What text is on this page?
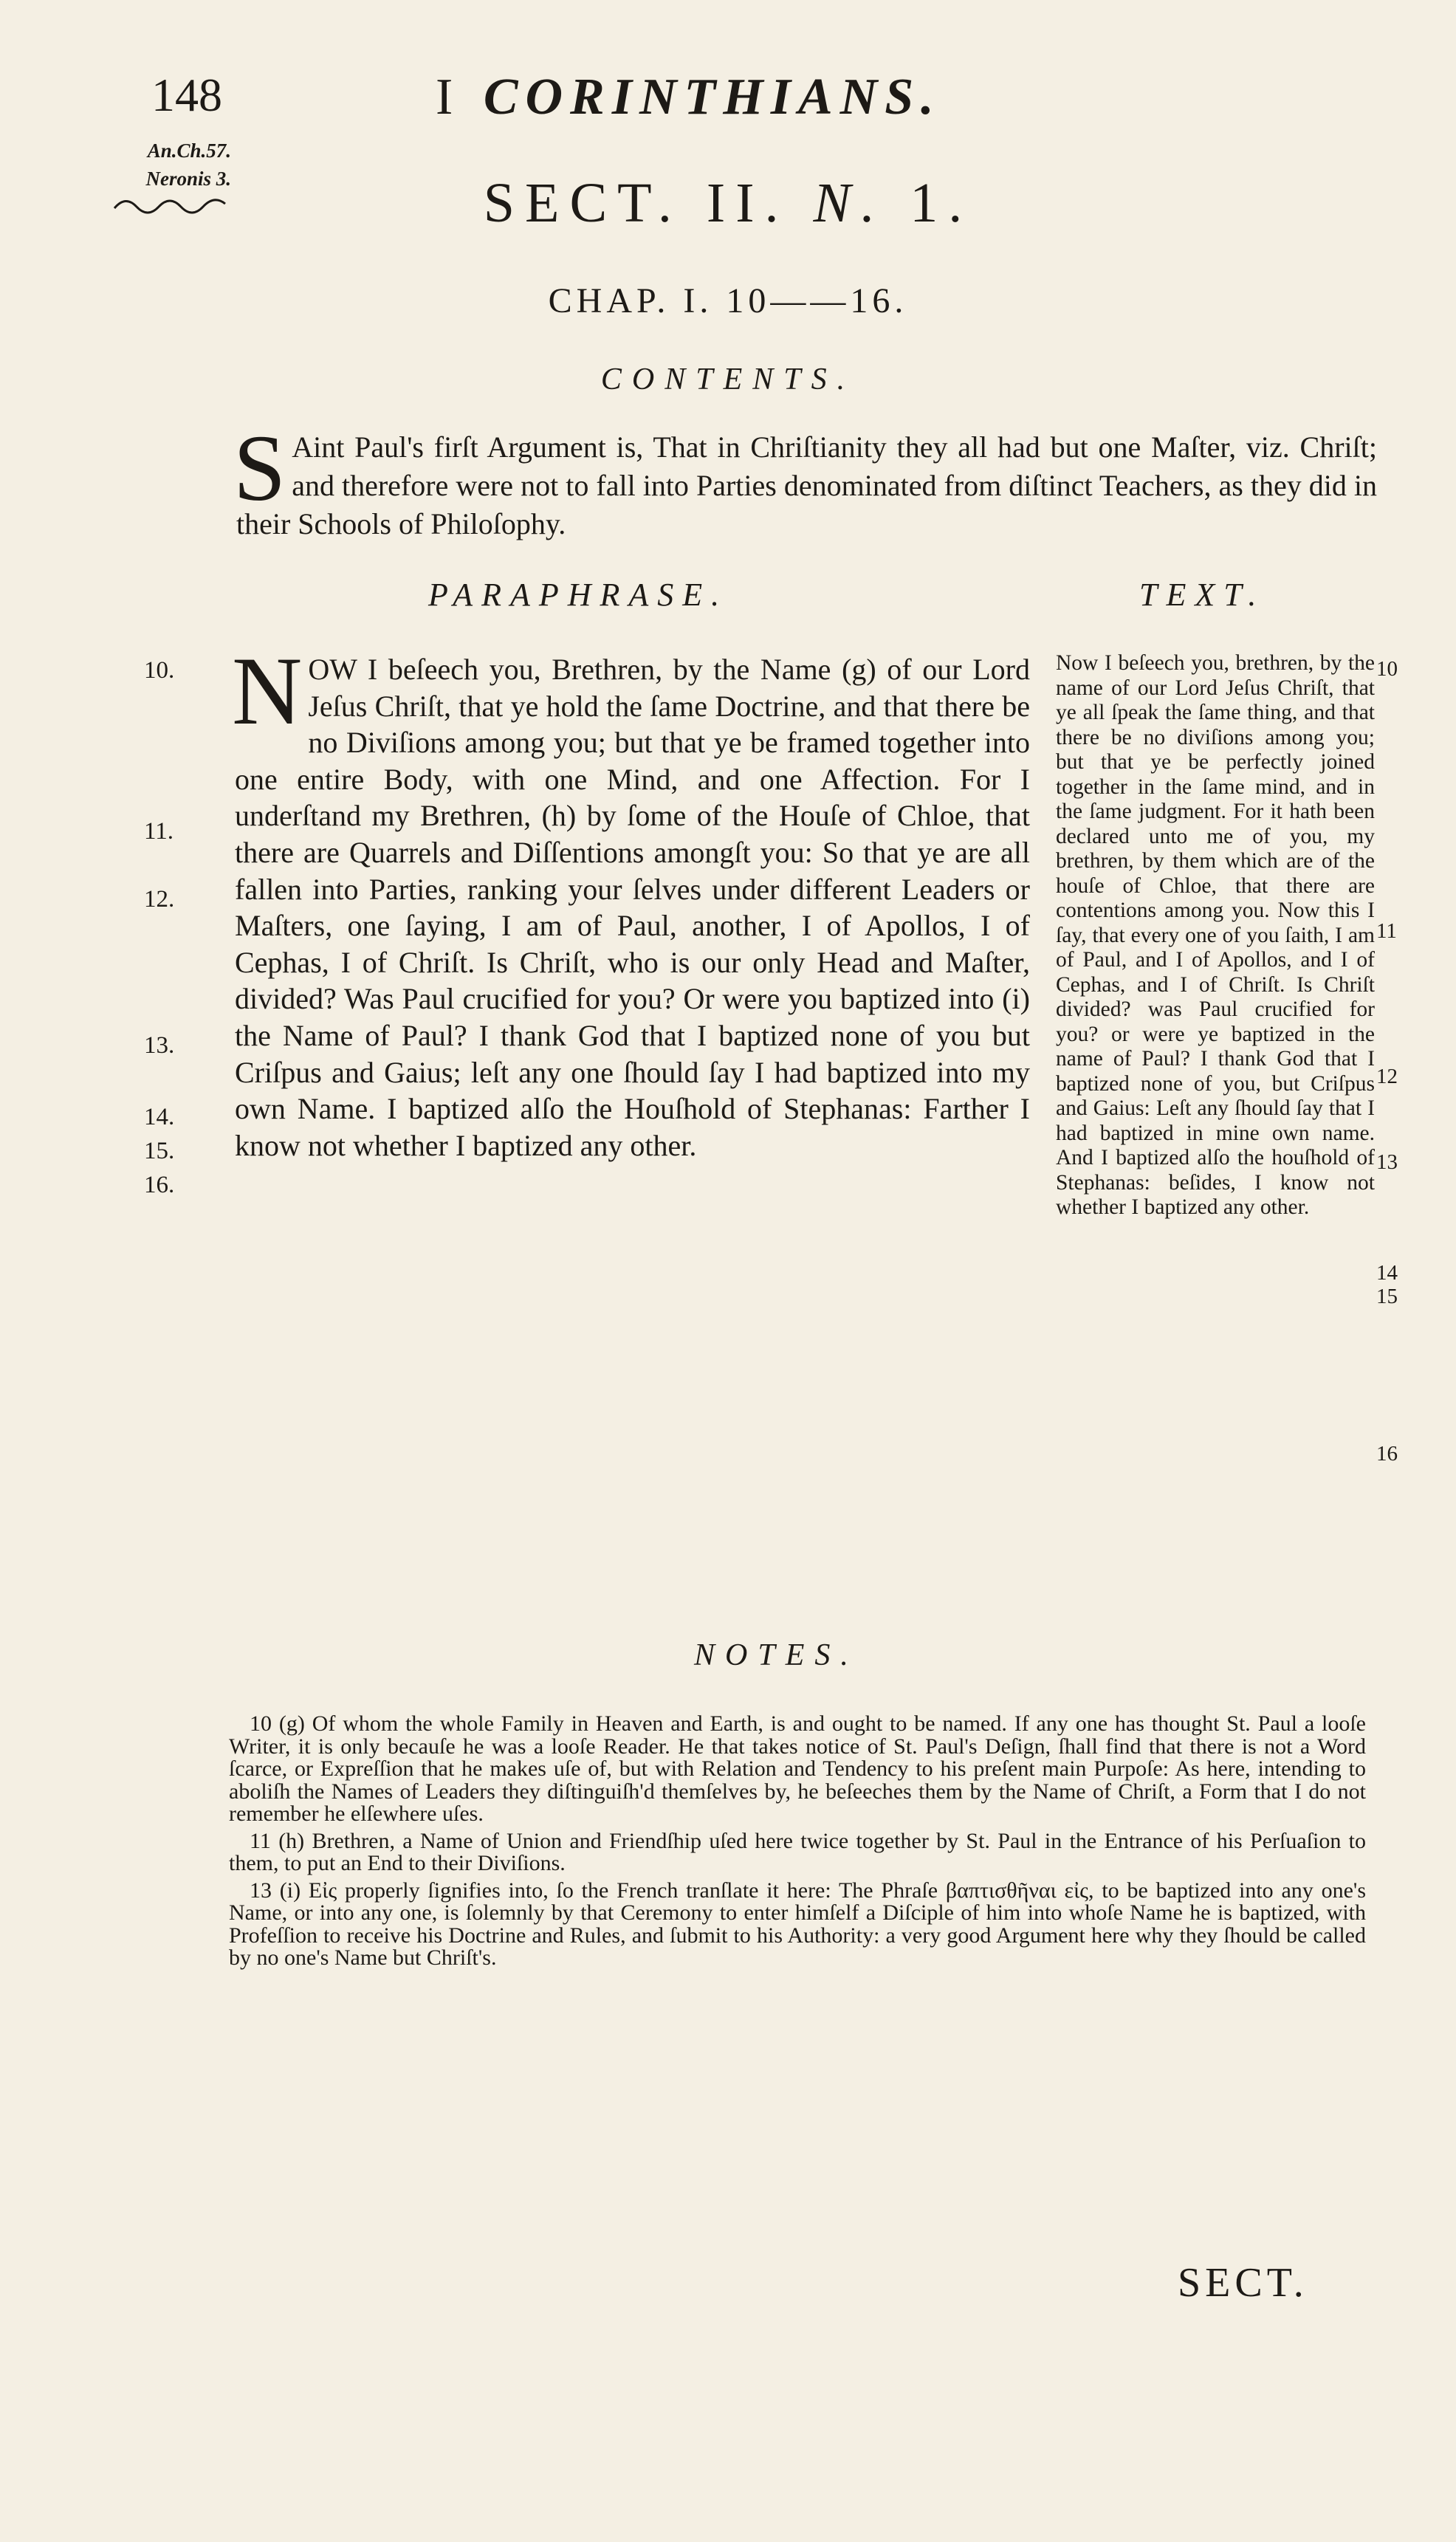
148	I CORINTHIANS.
An.Ch.57.
Neronis 3.	SECT. II. N. 1.
CHAP. I. 10——16.
CONTENTS.
S Aint Paul's firſt Argument is, That in Chriſtianity they all had but one Maſter, viz. Chriſt; and therefore were not to fall into Parties denominated from diſtinct Teachers, as they did in their Schools of Philoſophy.
PARAPHRASE.	TEXT.
10.
11.
12.
13.
14.
15.
16.
N OW I beſeech you, Brethren, by the Name (g) of our Lord Jeſus Chriſt, that ye hold the ſame Doctrine, and that there be no Diviſions among you; but that ye be framed together into one entire Body, with one Mind, and one Affection. For I underſtand my Brethren, (h) by ſome of the Houſe of Chloe, that there are Quarrels and Diſſentions amongſt you: So that ye are all fallen into Parties, ranking your ſelves under different Leaders or Maſters, one ſaying, I am of Paul, another, I of Apollos, I of Cephas, I of Chriſt. Is Chriſt, who is our only Head and Maſter, divided? Was Paul crucified for you? Or were you baptized into (i) the Name of Paul? I thank God that I baptized none of you but Criſpus and Gaius; leſt any one ſhould ſay I had baptized into my own Name. I baptized alſo the Houſhold of Stephanas: Farther I know not whether I baptized any other.
Now I beſeech you, brethren, by the name of our Lord Jeſus Chriſt, that ye all ſpeak the ſame thing, and that there be no diviſions among you; but that ye be perfectly joined together in the ſame mind, and in the ſame judgment. For it hath been declared unto me of you, my brethren, by them which are of the houſe of Chloe, that there are contentions among you. Now this I ſay, that every one of you ſaith, I am of Paul, and I of Apollos, and I of Cephas, and I of Chriſt. Is Chriſt divided? was Paul crucified for you? or were ye baptized in the name of Paul? I thank God that I baptized none of you, but Criſpus and Gaius: Leſt any ſhould ſay that I had baptized in mine own name. And I baptized alſo the houſhold of Stephanas: beſides, I know not whether I baptized any other.
10
11
12
13
14
15
16
NOTES.

10 (g) Of whom the whole Family in Heaven and Earth, is and ought to be named. If any one has thought St. Paul a looſe Writer, it is only becauſe he was a looſe Reader. He that takes notice of St. Paul's Deſign, ſhall find that there is not a Word ſcarce, or Expreſſion that he makes uſe of, but with Relation and Tendency to his preſent main Purpoſe: As here, intending to aboliſh the Names of Leaders they diſtinguiſh'd themſelves by, he beſeeches them by the Name of Chriſt, a Form that I do not remember he elſewhere uſes.

11 (h) Brethren, a Name of Union and Friendſhip uſed here twice together by St. Paul in the Entrance of his Perſuaſion to them, to put an End to their Diviſions.

13 (i) Εἰς properly ſignifies into, ſo the French tranſlate it here: The Phraſe βαπτισθῆναι εἰς, to be baptized into any one's Name, or into any one, is ſolemnly by that Ceremony to enter himſelf a Diſciple of him into whoſe Name he is baptized, with Profeſſion to receive his Doctrine and Rules, and ſubmit to his Authority: a very good Argument here why they ſhould be called by no one's Name but Chriſt's.

SECT.
